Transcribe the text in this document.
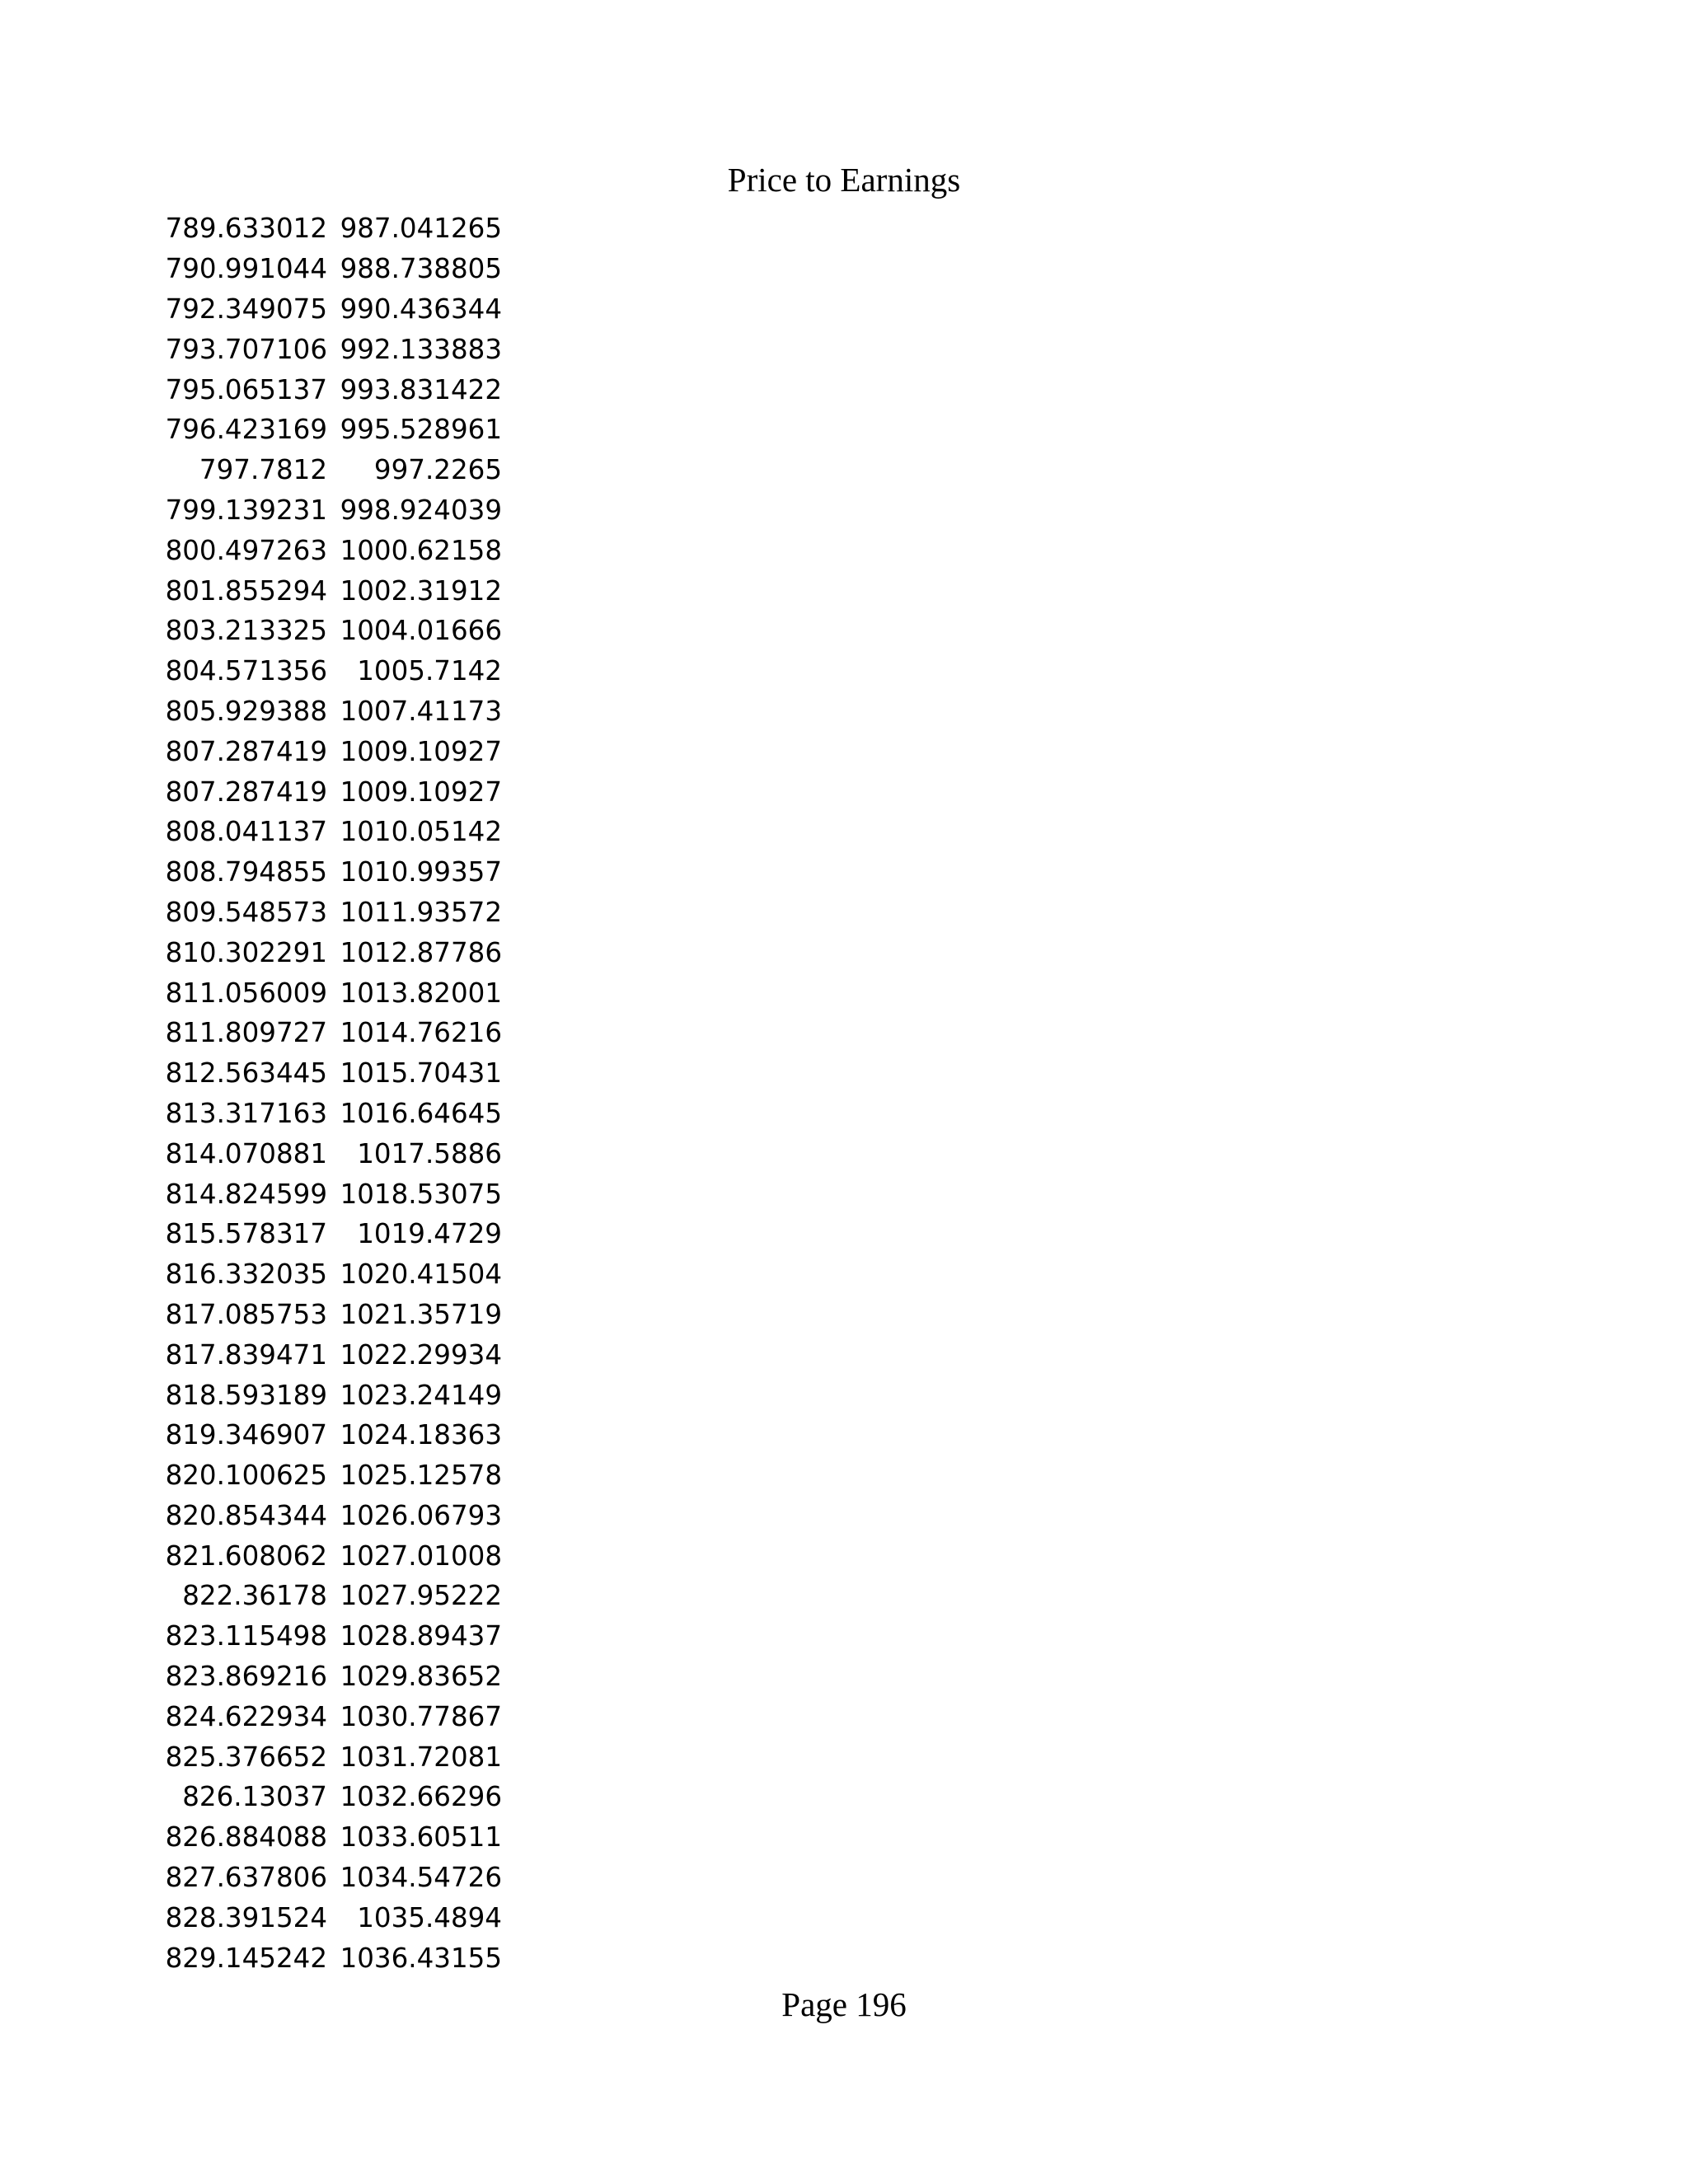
Price to Earnings
789.633012	987.041265
790.991044	988.738805
792.349075	990.436344
793.707106	992.133883
795.065137	993.831422
796.423169	995.528961
797.7812	997.2265
799.139231	998.924039
800.497263	1000.62158
801.855294	1002.31912
803.213325	1004.01666
804.571356	1005.7142
805.929388	1007.41173
807.287419	1009.10927
807.287419	1009.10927
808.041137	1010.05142
808.794855	1010.99357
809.548573	1011.93572
810.302291	1012.87786
811.056009	1013.82001
811.809727	1014.76216
812.563445	1015.70431
813.317163	1016.64645
814.070881	1017.5886
814.824599	1018.53075
815.578317	1019.4729
816.332035	1020.41504
817.085753	1021.35719
817.839471	1022.29934
818.593189	1023.24149
819.346907	1024.18363
820.100625	1025.12578
820.854344	1026.06793
821.608062	1027.01008
822.36178	1027.95222
823.115498	1028.89437
823.869216	1029.83652
824.622934	1030.77867
825.376652	1031.72081
826.13037	1032.66296
826.884088	1033.60511
827.637806	1034.54726
828.391524	1035.4894
829.145242	1036.43155
Page 196
